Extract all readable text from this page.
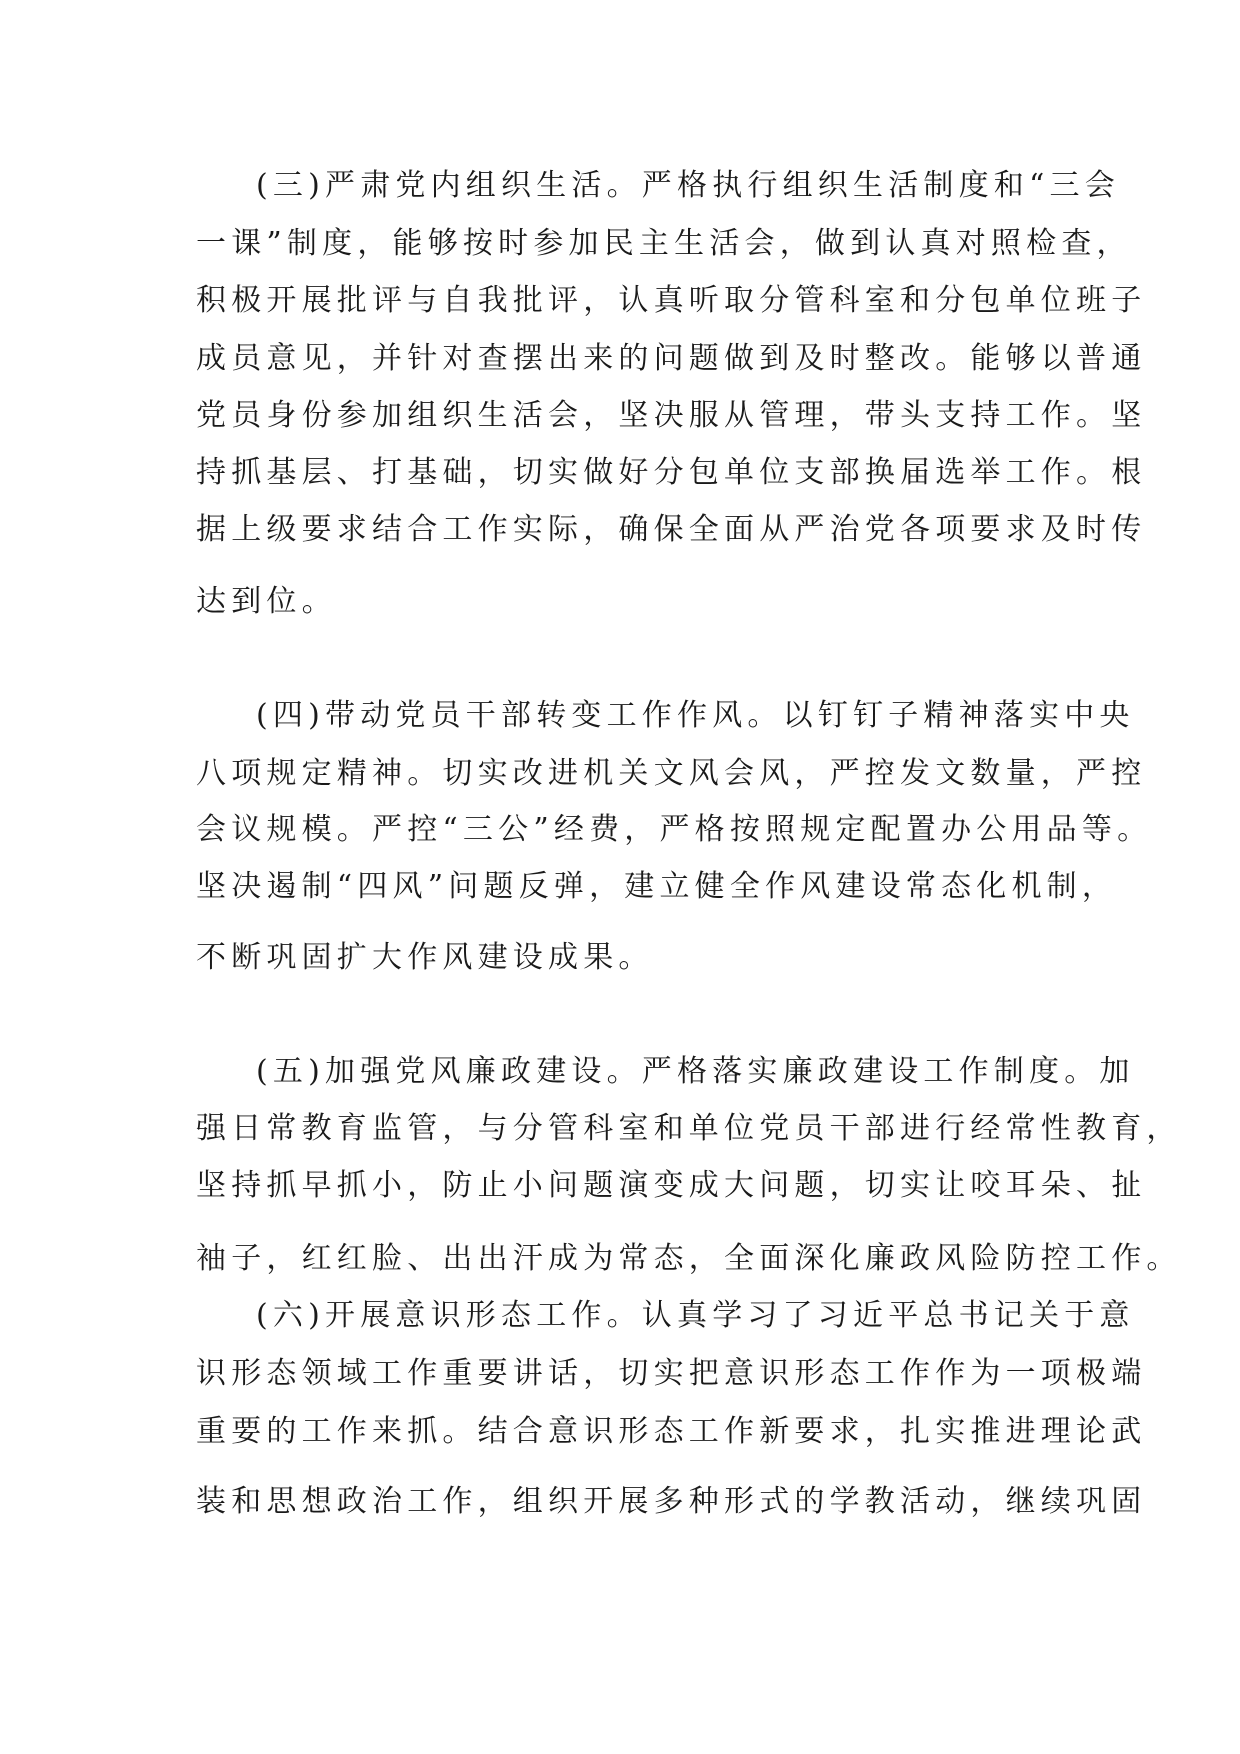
(三)严肃党内组织生活。严格执行组织生活制度和“三会
一课”制度，能够按时参加民主生活会，做到认真对照检查，
积极开展批评与自我批评，认真听取分管科室和分包单位班子
成员意见，并针对查摆出来的问题做到及时整改。能够以普通
党员身份参加组织生活会，坚决服从管理，带头支持工作。坚
持抓基层、打基础，切实做好分包单位支部换届选举工作。根
据上级要求结合工作实际，确保全面从严治党各项要求及时传
达到位。
(四)带动党员干部转变工作作风。以钉钉子精神落实中央
八项规定精神。切实改进机关文风会风，严控发文数量，严控
会议规模。严控“三公”经费，严格按照规定配置办公用品等。
坚决遏制“四风”问题反弹，建立健全作风建设常态化机制，
不断巩固扩大作风建设成果。
(五)加强党风廉政建设。严格落实廉政建设工作制度。加
强日常教育监管，与分管科室和单位党员干部进行经常性教育，
坚持抓早抓小，防止小问题演变成大问题，切实让咬耳朵、扯
袖子，红红脸、出出汗成为常态，全面深化廉政风险防控工作。
(六)开展意识形态工作。认真学习了习近平总书记关于意
识形态领域工作重要讲话，切实把意识形态工作作为一项极端
重要的工作来抓。结合意识形态工作新要求，扎实推进理论武
装和思想政治工作，组织开展多种形式的学教活动，继续巩固
